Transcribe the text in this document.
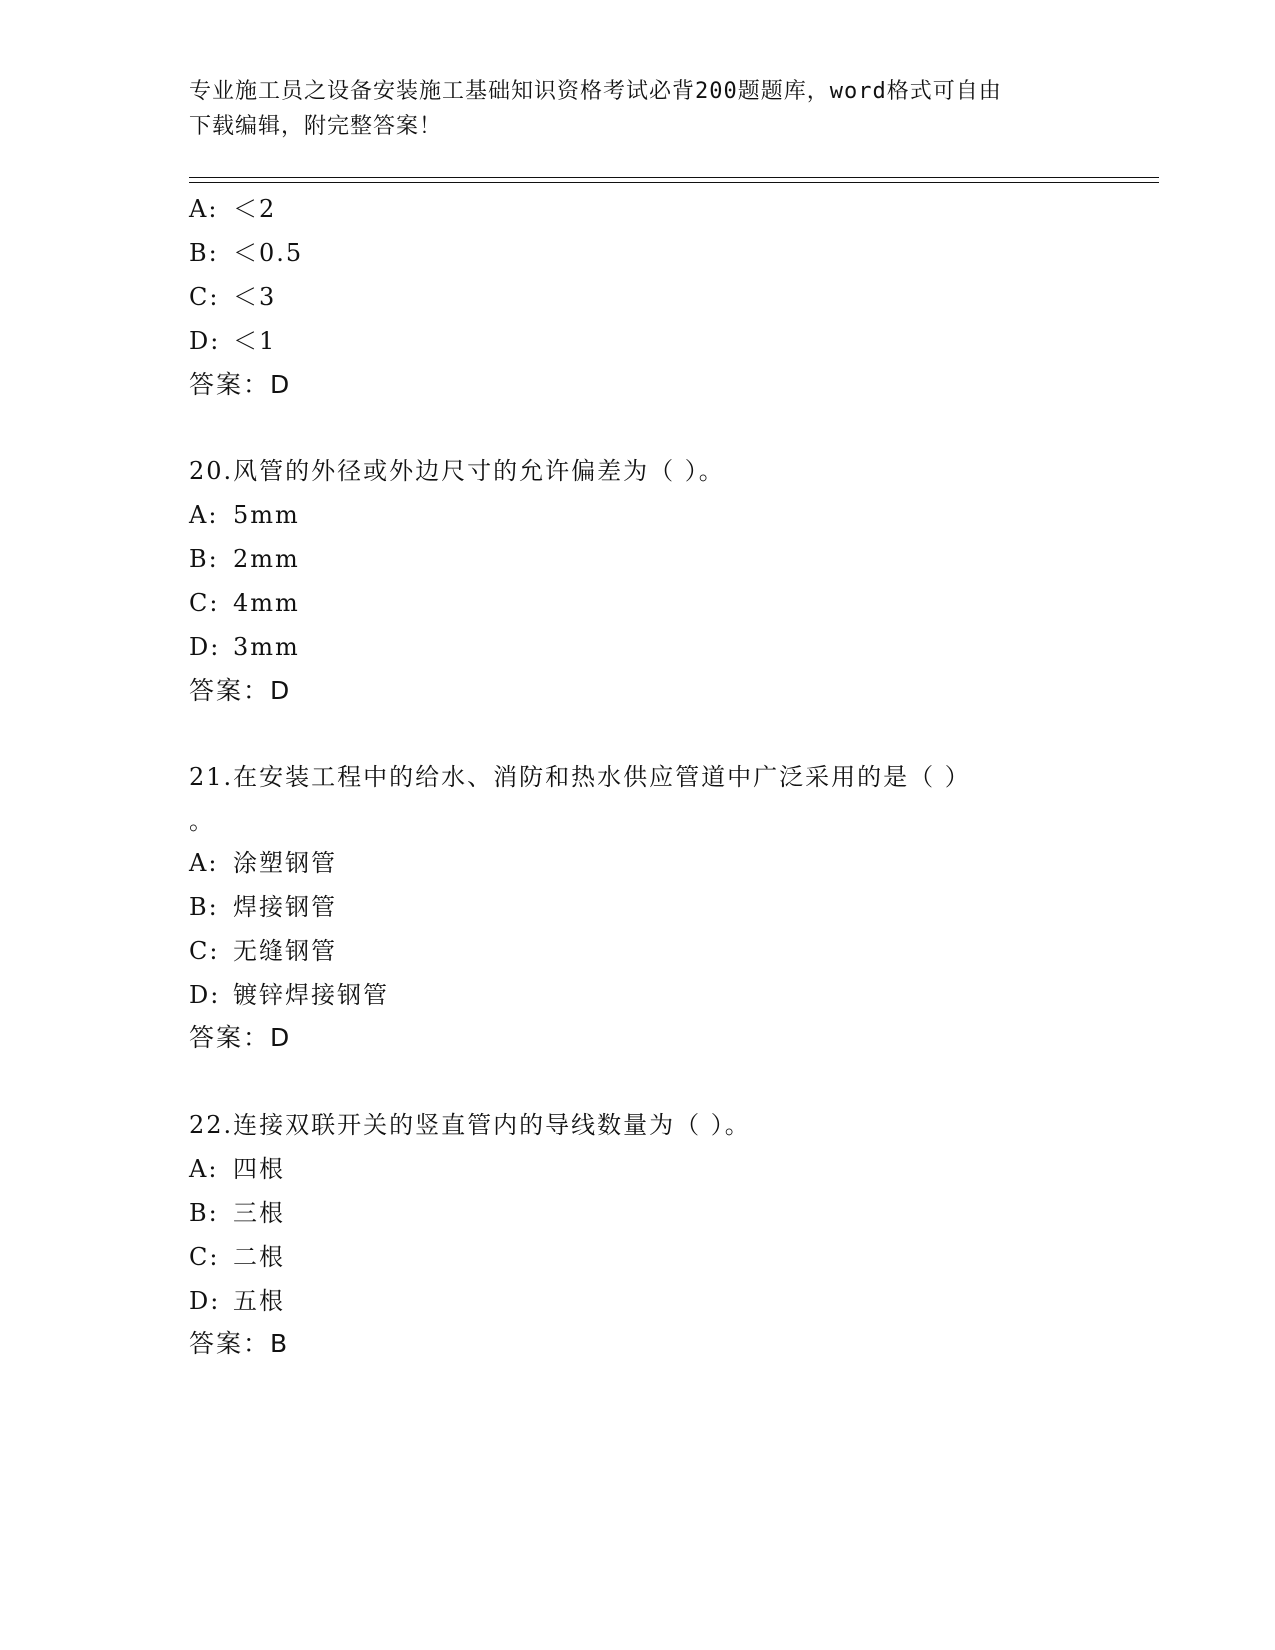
专业施工员之设备安装施工基础知识资格考试必背200题题库，word格式可自由
下载编辑，附完整答案！
A: ＜2
B: ＜0.5
C: ＜3
D: ＜1
答案：D
20.风管的外径或外边尺寸的允许偏差为（ ）。
A: 5mm
B: 2mm
C: 4mm
D: 3mm
答案：D
21.在安装工程中的给水、消防和热水供应管道中广泛采用的是（ ）
。
A: 涂塑钢管
B: 焊接钢管
C: 无缝钢管
D: 镀锌焊接钢管
答案：D
22.连接双联开关的竖直管内的导线数量为（ ）。
A: 四根
B: 三根
C: 二根
D: 五根
答案：B
